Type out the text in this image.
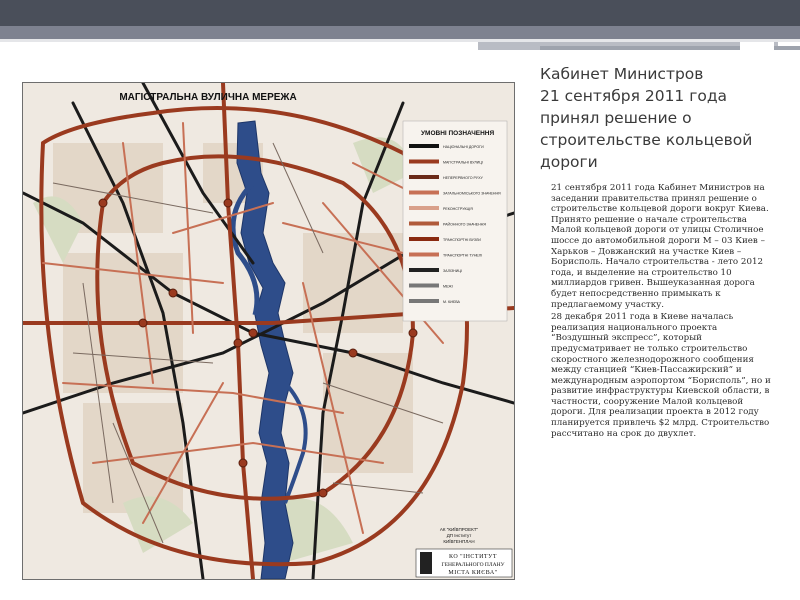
МАГІСТРАЛЬНА ВУЛИЧНА МЕРЕЖА
УМОВНІ ПОЗНАЧЕННЯ
НАЦІОНАЛЬНІ ДОРОГИ
МАГІСТРАЛЬНІ ВУЛИЦІ
НЕПЕРЕРВНОГО РУХУ
ЗАГАЛЬНОМІСЬКОГО ЗНАЧЕННЯ
РЕКОНСТРУКЦІЯ
РАЙОННОГО ЗНАЧЕННЯ
ТРАНСПОРТНІ ВУЗЛИ
ТРАНСПОРТНІ ТУНЕЛІ
ЗАЛІЗНИЦІ
МЕЖІ
М. КИЄВА
АК "КИЇВПРОЕКТ"
ДП Інститут
КИЇВГЕНПЛАН
КО "ІНСТИТУТ
ГЕНЕРАЛЬНОГО ПЛАНУ
МІСТА КИЄВА"
Кабинет Министров
21 сентября 2011 года
принял решение о
строительстве кольцевой
дороги

21 сентября 2011 года Кабинет Министров на заседании правительства принял решение о строительстве кольцевой дороги вокруг Киева. Принято решение о начале строительства Малой кольцевой дороги от улицы Столичное шоссе до автомобильной дороги М – 03 Киев – Харьков – Довжанский на участке Киев – Борисполь. Начало строительства - лето 2012 года, и выделение на строительство 10 миллиардов гривен. Вышеуказанная дорога будет непосредственно примыкать к предлагаемому участку.

28 декабря 2011 года в Киеве началась реализация национального проекта “Воздушный экспресс”, который предусматривает не только строительство скоростного железнодорожного сообщения между станцией “Киев-Пассажирский” и международным аэропортом “Борисполь”, но и развитие инфраструктуры Киевской области, в частности, сооружение Малой кольцевой дороги. Для реализации проекта в 2012 году планируется привлечь $2 млрд. Строительство рассчитано на срок до двухлет.
